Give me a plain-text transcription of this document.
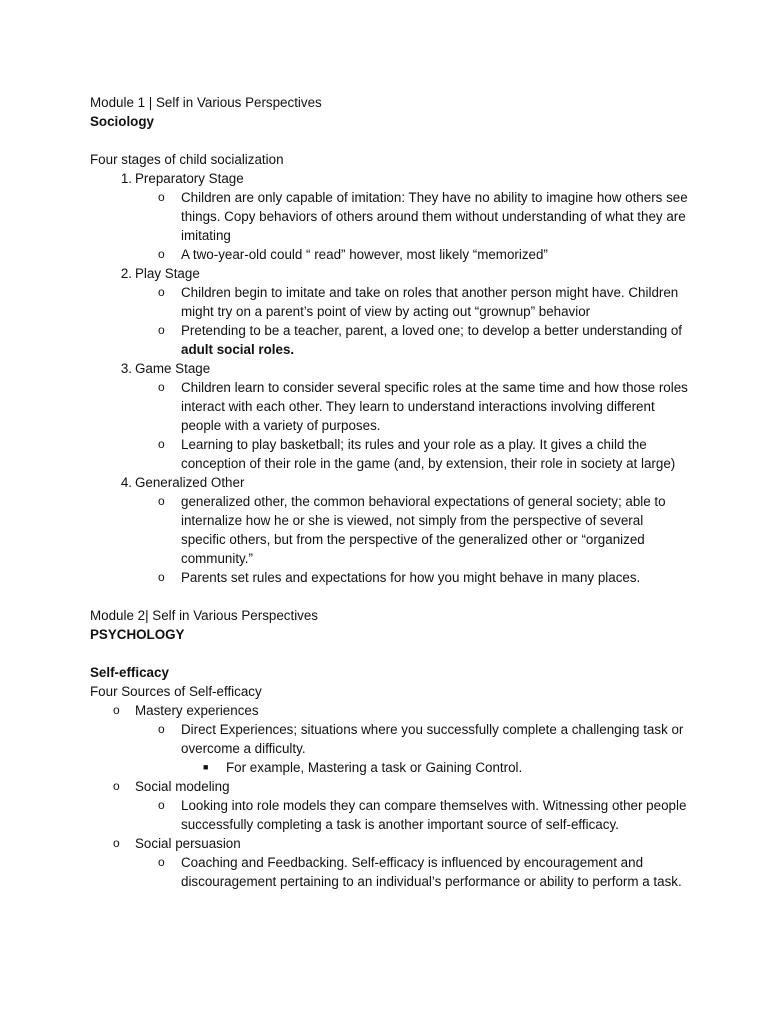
Module 1 | Self in Various Perspectives
Sociology
Four stages of child socialization
1. Preparatory Stage
o Children are only capable of imitation: They have no ability to imagine how others see things. Copy behaviors of others around them without understanding of what they are imitating
o A two-year-old could “ read” however, most likely “memorized”
2. Play Stage
o Children begin to imitate and take on roles that another person might have. Children might try on a parent’s point of view by acting out “grownup” behavior
o Pretending to be a teacher, parent, a loved one; to develop a better understanding of adult social roles.
3. Game Stage
o Children learn to consider several specific roles at the same time and how those roles interact with each other. They learn to understand interactions involving different people with a variety of purposes.
o Learning to play basketball; its rules and your role as a play. It gives a child the conception of their role in the game (and, by extension, their role in society at large)
4. Generalized Other
o generalized other, the common behavioral expectations of general society; able to internalize how he or she is viewed, not simply from the perspective of several specific others, but from the perspective of the generalized other or “organized community.”
o Parents set rules and expectations for how you might behave in many places.
Module 2| Self in Various Perspectives
PSYCHOLOGY
Self-efficacy
Four Sources of Self-efficacy
o Mastery experiences
o Direct Experiences; situations where you successfully complete a challenging task or overcome a difficulty.
■ For example, Mastering a task or Gaining Control.
o Social modeling
o Looking into role models they can compare themselves with. Witnessing other people successfully completing a task is another important source of self-efficacy.
o Social persuasion
o Coaching and Feedbacking. Self-efficacy is influenced by encouragement and discouragement pertaining to an individual’s performance or ability to perform a task.
